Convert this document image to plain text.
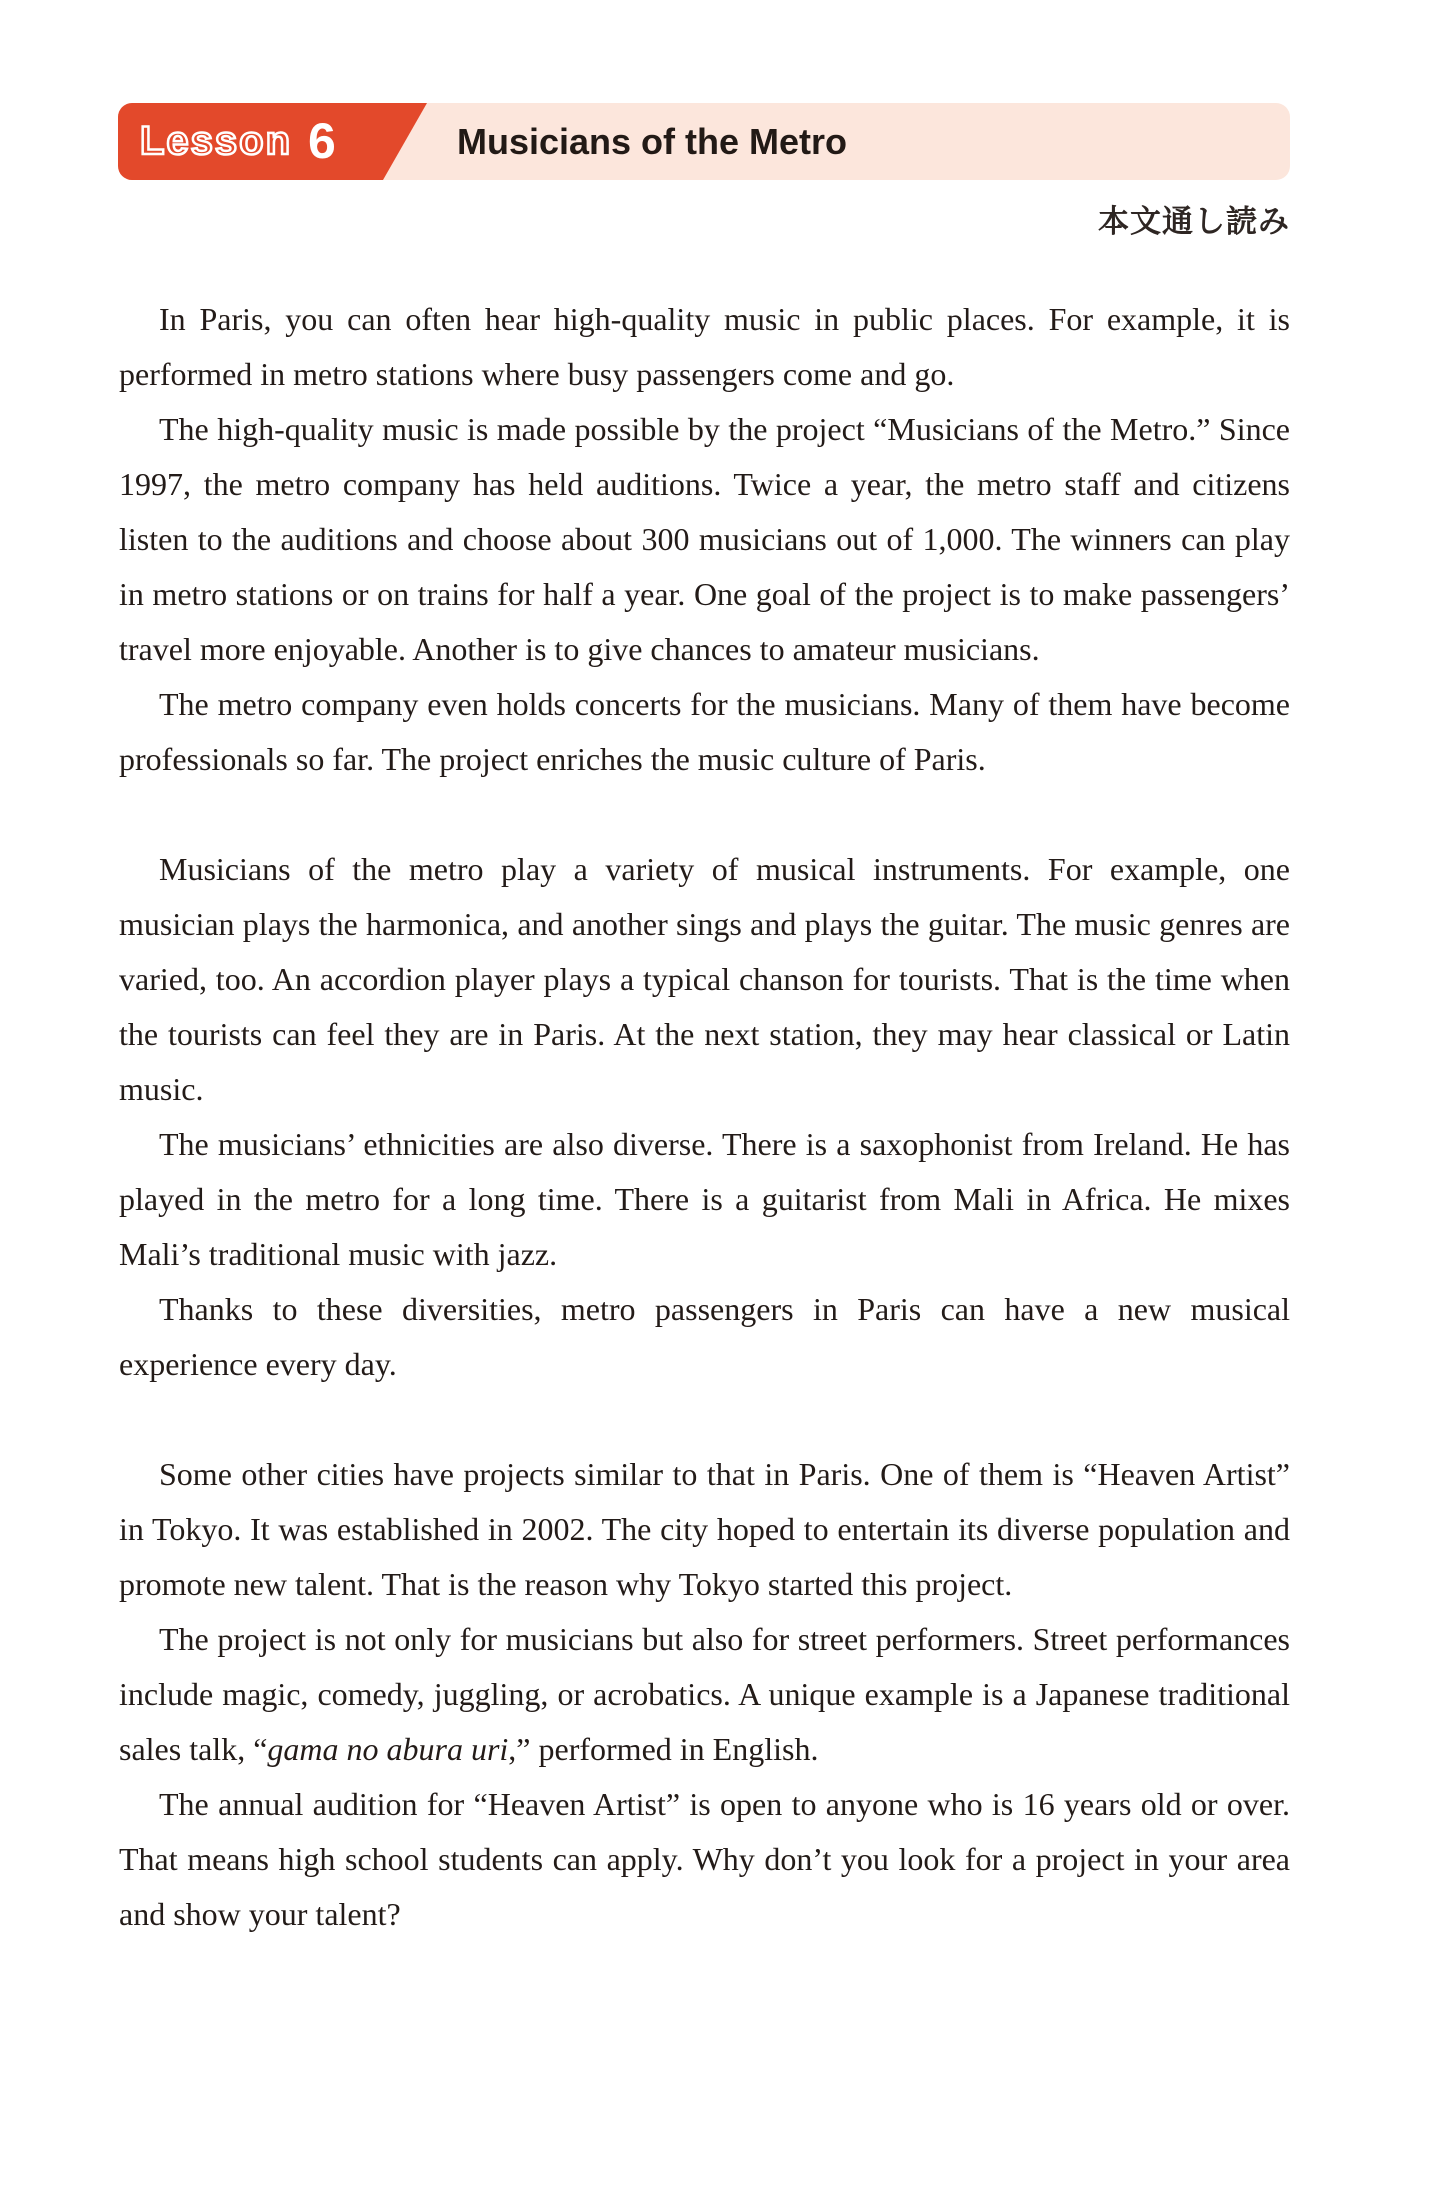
Lesson 6	Musicians of the Metro
本文通し読み

In Paris, you can often hear high-quality music in public places. For example, it is performed in metro stations where busy passengers come and go.

The high-quality music is made possible by the project “Musicians of the Metro.” Since 1997, the metro company has held auditions. Twice a year, the metro staff and citizens listen to the auditions and choose about 300 musicians out of 1,000. The winners can play in metro stations or on trains for half a year. One goal of the project is to make passengers’ travel more enjoyable. Another is to give chances to amateur musicians.

The metro company even holds concerts for the musicians. Many of them have become professionals so far. The project enriches the music culture of Paris.

Musicians of the metro play a variety of musical instruments. For example, one musician plays the harmonica, and another sings and plays the guitar. The music genres are varied, too. An accordion player plays a typical chanson for tourists. That is the time when the tourists can feel they are in Paris. At the next station, they may hear classical or Latin music.

The musicians’ ethnicities are also diverse. There is a saxophonist from Ireland. He has played in the metro for a long time. There is a guitarist from Mali in Africa. He mixes Mali’s traditional music with jazz.

Thanks to these diversities, metro passengers in Paris can have a new musical experience every day.

Some other cities have projects similar to that in Paris. One of them is “Heaven Artist” in Tokyo. It was established in 2002. The city hoped to entertain its diverse population and promote new talent. That is the reason why Tokyo started this project.

The project is not only for musicians but also for street performers. Street performances include magic, comedy, juggling, or acrobatics. A unique example is a Japanese traditional sales talk, “gama no abura uri,” performed in English.

The annual audition for “Heaven Artist” is open to anyone who is 16 years old or over. That means high school students can apply. Why don’t you look for a project in your area and show your talent?
